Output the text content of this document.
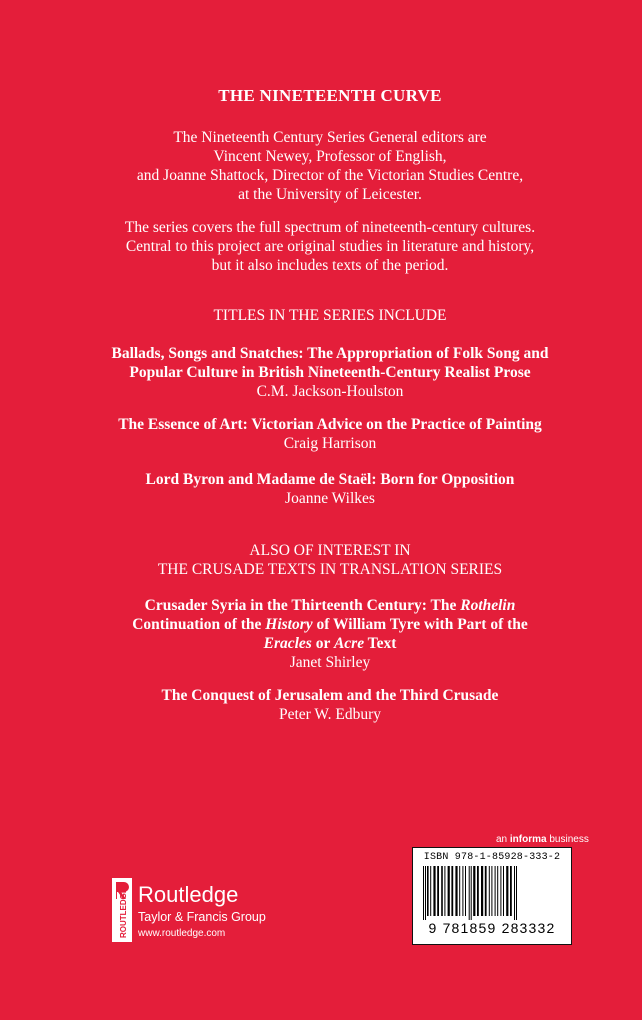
THE NINETEENTH CURVE
The Nineteenth Century Series General editors are
Vincent Newey, Professor of English,
and Joanne Shattock, Director of the Victorian Studies Centre,
at the University of Leicester.
The series covers the full spectrum of nineteenth-century cultures.
Central to this project are original studies in literature and history,
but it also includes texts of the period.
TITLES IN THE SERIES INCLUDE
Ballads, Songs and Snatches: The Appropriation of Folk Song and
Popular Culture in British Nineteenth-Century Realist Prose
C.M. Jackson-Houlston
The Essence of Art: Victorian Advice on the Practice of Painting
Craig Harrison
Lord Byron and Madame de Staël: Born for Opposition
Joanne Wilkes
ALSO OF INTEREST IN
THE CRUSADE TEXTS IN TRANSLATION SERIES
Crusader Syria in the Thirteenth Century: The Rothelin
Continuation of the History of William Tyre with Part of the
Eracles or Acre Text
Janet Shirley
The Conquest of Jerusalem and the Third Crusade
Peter W. Edbury
an informa business
ISBN 978-1-85928-333-2
9 781859 283332
ROUTLEDGE Routledge
Taylor & Francis Group
www.routledge.com
